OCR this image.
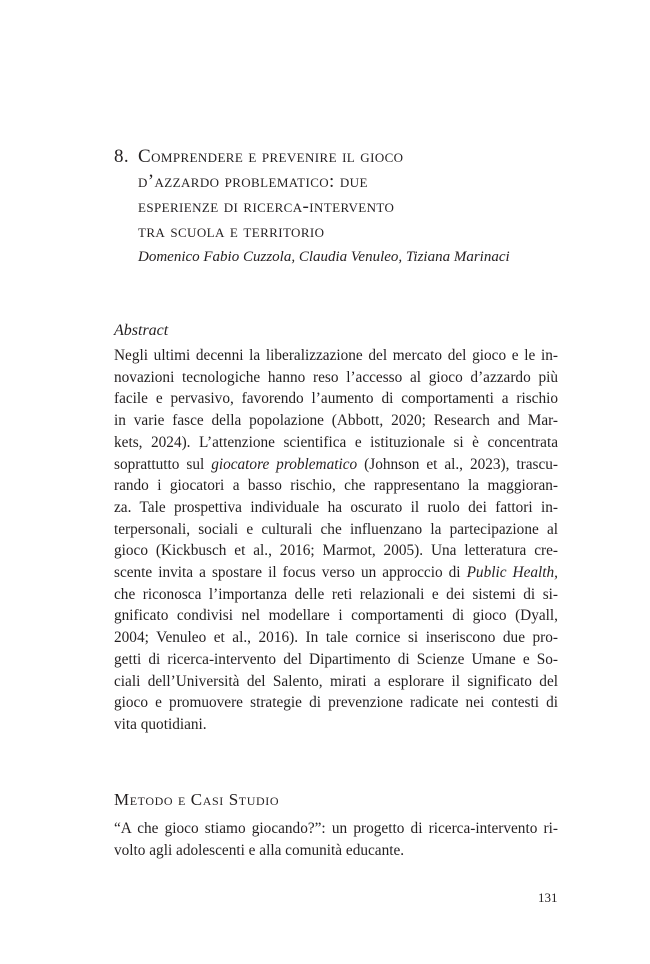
8. Comprendere e prevenire il gioco
d’azzardo problematico: due
esperienze di ricerca-intervento
tra scuola e territorio
Domenico Fabio Cuzzola, Claudia Venuleo, Tiziana Marinaci
Abstract
Negli ultimi decenni la liberalizzazione del mercato del gioco e le in-
novazioni tecnologiche hanno reso l’accesso al gioco d’azzardo più
facile e pervasivo, favorendo l’aumento di comportamenti a rischio
in varie fasce della popolazione (Abbott, 2020; Research and Mar-
kets, 2024). L’attenzione scientifica e istituzionale si è concentrata
soprattutto sul giocatore problematico (Johnson et al., 2023), trascu-
rando i giocatori a basso rischio, che rappresentano la maggioran-
za. Tale prospettiva individuale ha oscurato il ruolo dei fattori in-
terpersonali, sociali e culturali che influenzano la partecipazione al
gioco (Kickbusch et al., 2016; Marmot, 2005). Una letteratura cre-
scente invita a spostare il focus verso un approccio di Public Health,
che riconosca l’importanza delle reti relazionali e dei sistemi di si-
gnificato condivisi nel modellare i comportamenti di gioco (Dyall,
2004; Venuleo et al., 2016). In tale cornice si inseriscono due pro-
getti di ricerca-intervento del Dipartimento di Scienze Umane e So-
ciali dell’Università del Salento, mirati a esplorare il significato del
gioco e promuovere strategie di prevenzione radicate nei contesti di
vita quotidiani.
Metodo e Casi Studio
“A che gioco stiamo giocando?”: un progetto di ricerca-intervento ri-
volto agli adolescenti e alla comunità educante.
131
